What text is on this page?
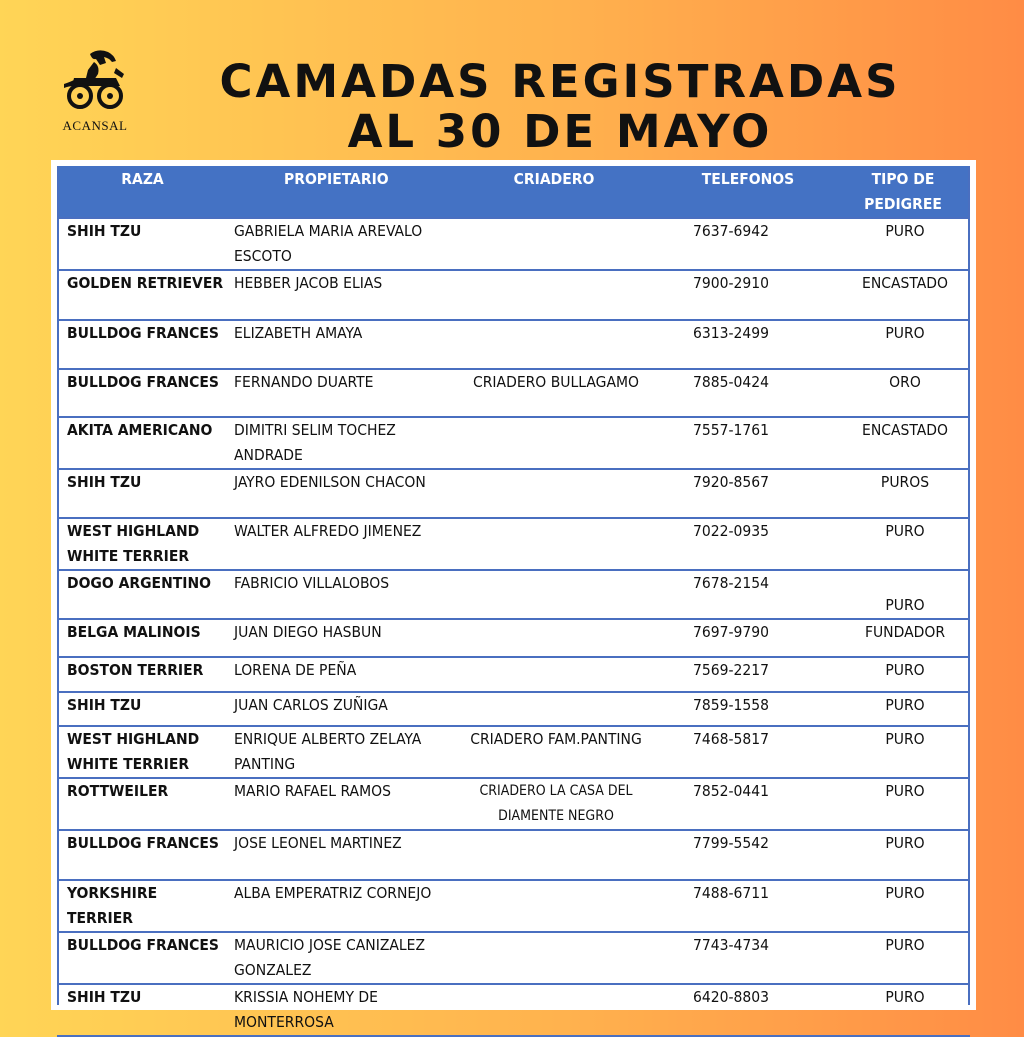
ACANSAL
CAMADAS REGISTRADAS
AL 30 DE MAYO
RAZA	PROPIETARIO	CRIADERO	TELEFONOS	TIPO DE PEDIGREE
SHIH TZU	GABRIELA MARIA AREVALO ESCOTO		7637-6942	PURO
GOLDEN RETRIEVER	HEBBER JACOB ELIAS		7900-2910	ENCASTADO
BULLDOG FRANCES	ELIZABETH AMAYA		6313-2499	PURO
BULLDOG FRANCES	FERNANDO DUARTE	CRIADERO BULLAGAMO	7885-0424	ORO
AKITA AMERICANO	DIMITRI SELIM TOCHEZ ANDRADE		7557-1761	ENCASTADO
SHIH TZU	JAYRO EDENILSON CHACON		7920-8567	PUROS
WEST HIGHLAND WHITE TERRIER	WALTER ALFREDO JIMENEZ		7022-0935	PURO
DOGO ARGENTINO	FABRICIO VILLALOBOS		7678-2154	PURO
BELGA MALINOIS	JUAN DIEGO HASBUN		7697-9790	FUNDADOR
BOSTON TERRIER	LORENA DE PEÑA		7569-2217	PURO
SHIH TZU	JUAN CARLOS ZUÑIGA		7859-1558	PURO
WEST HIGHLAND WHITE TERRIER	ENRIQUE ALBERTO ZELAYA PANTING	CRIADERO FAM.PANTING	7468-5817	PURO
ROTTWEILER	MARIO RAFAEL RAMOS	CRIADERO LA CASA DEL DIAMENTE NEGRO	7852-0441	PURO
BULLDOG FRANCES	JOSE LEONEL MARTINEZ		7799-5542	PURO
YORKSHIRE TERRIER	ALBA EMPERATRIZ CORNEJO		7488-6711	PURO
BULLDOG FRANCES	MAURICIO JOSE CANIZALEZ GONZALEZ		7743-4734	PURO
SHIH TZU	KRISSIA NOHEMY DE MONTERROSA		6420-8803	PURO
